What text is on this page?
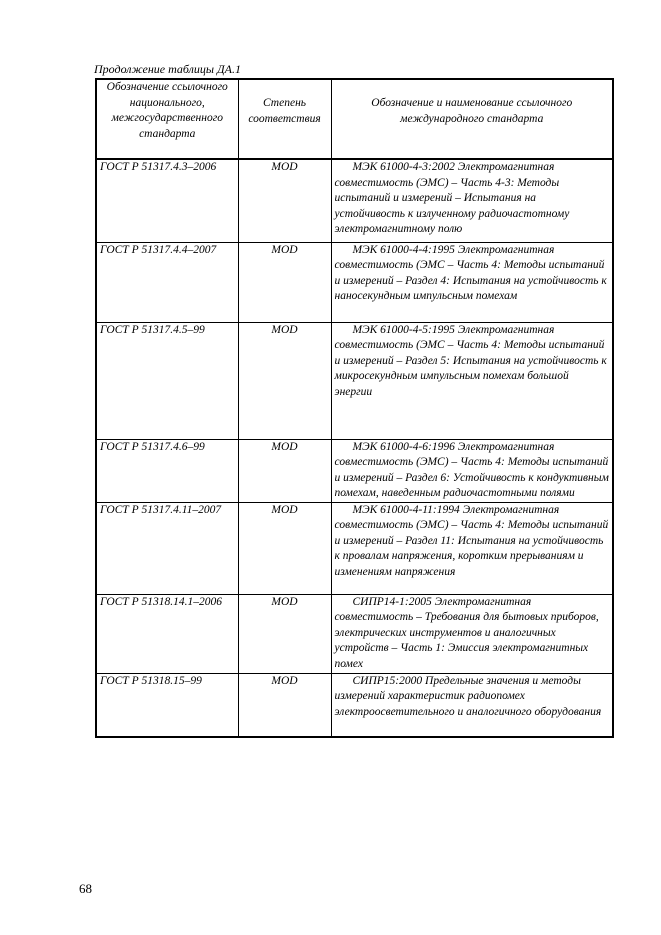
Продолжение таблицы ДА.1
Обозначение ссылочного национального, межгосударственного стандарта	Степень соответствия	Обозначение и наименование ссылочного международного стандарта
ГОСТ Р 51317.4.3–2006	MOD	МЭК 61000-4-3:2002 Электромагнитная совместимость (ЭМС) – Часть 4-3: Методы испытаний и измерений – Испытания на устойчивость к излученному радиочастотному электромагнитному полю
ГОСТ Р 51317.4.4–2007	MOD	МЭК 61000-4-4:1995 Электромагнитная совместимость (ЭМС – Часть 4: Методы испытаний и измерений – Раздел 4: Испытания на устойчивость к наносекундным импульсным помехам
ГОСТ Р 51317.4.5–99	MOD	МЭК 61000-4-5:1995 Электромагнитная совместимость (ЭМС – Часть 4: Методы испытаний и измерений – Раздел 5: Испытания на устойчивость к микросекундным импульсным помехам большой энергии
ГОСТ Р 51317.4.6–99	MOD	МЭК 61000-4-6:1996 Электромагнитная совместимость (ЭМС) – Часть 4: Методы испытаний и измерений – Раздел 6: Устойчивость к кондуктивным помехам, наведенным радиочастотными полями
ГОСТ Р 51317.4.11–2007	MOD	МЭК 61000-4-11:1994 Электромагнитная совместимость (ЭМС) – Часть 4: Методы испытаний и измерений – Раздел 11: Испытания на устойчивость к провалам напряжения, коротким прерываниям и изменениям напряжения
ГОСТ Р 51318.14.1–2006	MOD	СИПР14-1:2005 Электромагнитная совместимость – Требования для бытовых приборов, электрических инструментов и аналогичных устройств – Часть 1: Эмиссия электромагнитных помех
ГОСТ Р 51318.15–99	MOD	СИПР15:2000 Предельные значения и методы измерений характеристик радиопомех электроосветительного и аналогичного оборудования
68
